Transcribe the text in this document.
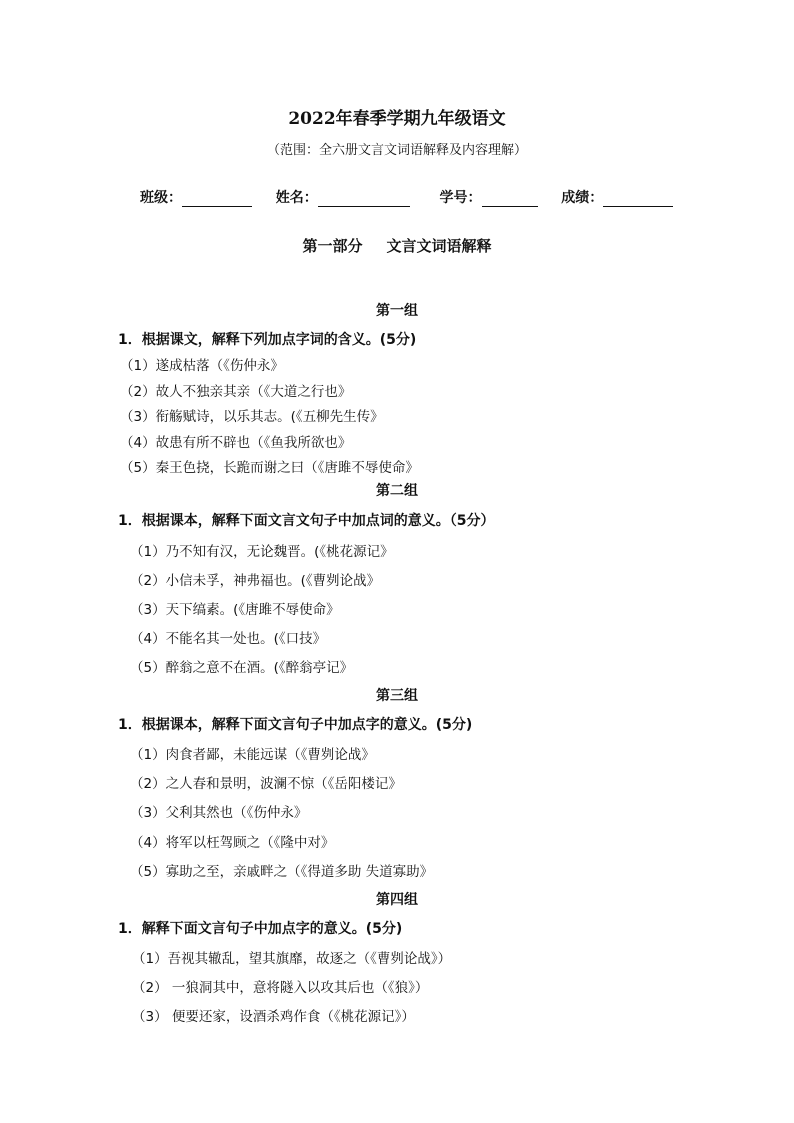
2022年春季学期九年级语文
（范围：全六册文言文词语解释及内容理解）
班级：	姓名：	学号：	成绩：
第一部分 文言文词语解释
第一组
1．根据课文，解释下列加点字词的含义。(5分)
（1）遂成枯落（《伤仲永》
（2）故人不独亲其亲（《大道之行也》
（3）衔觞赋诗，以乐其志。(《五柳先生传》
（4）故患有所不辟也（《鱼我所欲也》
（5）秦王色挠，长跪而谢之曰（《唐雎不辱使命》
第二组
1．根据课本，解释下面文言文句子中加点词的意义。（5分）
（1）乃不知有汉，无论魏晋。(《桃花源记》
（2）小信未孚，神弗福也。(《曹刿论战》
（3）天下缟素。(《唐雎不辱使命》
（4）不能名其一处也。(《口技》
（5）醉翁之意不在酒。(《醉翁亭记》
第三组
1．根据课本，解释下面文言句子中加点字的意义。(5分)
（1）肉食者鄙，未能远谋（《曹刿论战》
（2）之人春和景明，波澜不惊（《岳阳楼记》
（3）父利其然也（《伤仲永》
（4）将军以枉驾顾之（《隆中对》
（5）寡助之至，亲戚畔之（《得道多助 失道寡助》
第四组
1．解释下面文言句子中加点字的意义。(5分)
（1）吾视其辙乱，望其旗靡，故逐之（《曹刿论战》）
（2） 一狼洞其中，意将隧入以攻其后也（《狼》）
（3） 便要还家，设酒杀鸡作食（《桃花源记》）
